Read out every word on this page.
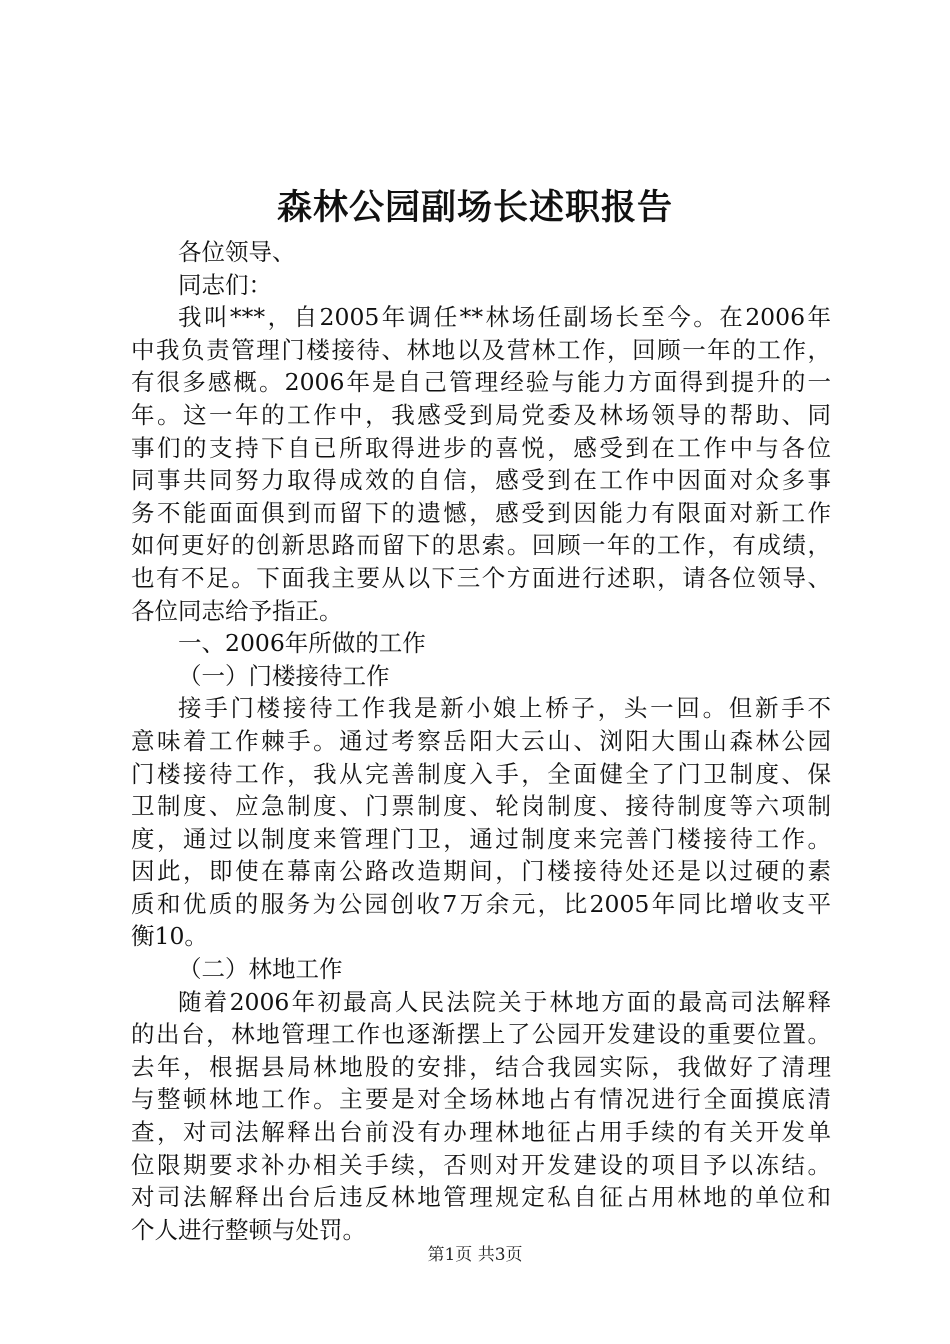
森林公园副场长述职报告
各位领导、
同志们：
我叫***，自2005年调任**林场任副场长至今。在2006年
中我负责管理门楼接待、林地以及营林工作，回顾一年的工作，
有很多感概。2006年是自己管理经验与能力方面得到提升的一
年。这一年的工作中，我感受到局党委及林场领导的帮助、同
事们的支持下自已所取得进步的喜悦，感受到在工作中与各位
同事共同努力取得成效的自信，感受到在工作中因面对众多事
务不能面面俱到而留下的遗憾，感受到因能力有限面对新工作
如何更好的创新思路而留下的思索。回顾一年的工作，有成绩，
也有不足。下面我主要从以下三个方面进行述职，请各位领导、
各位同志给予指正。
一、2006年所做的工作
（一）门楼接待工作
接手门楼接待工作我是新小娘上桥子，头一回。但新手不
意味着工作棘手。通过考察岳阳大云山、浏阳大围山森林公园
门楼接待工作，我从完善制度入手，全面健全了门卫制度、保
卫制度、应急制度、门票制度、轮岗制度、接待制度等六项制
度，通过以制度来管理门卫，通过制度来完善门楼接待工作。
因此，即使在幕南公路改造期间，门楼接待处还是以过硬的素
质和优质的服务为公园创收7万余元，比2005年同比增收支平
衡10。
（二）林地工作
随着2006年初最高人民法院关于林地方面的最高司法解释
的出台，林地管理工作也逐渐摆上了公园开发建设的重要位置。
去年，根据县局林地股的安排，结合我园实际，我做好了清理
与整顿林地工作。主要是对全场林地占有情况进行全面摸底清
查，对司法解释出台前没有办理林地征占用手续的有关开发单
位限期要求补办相关手续，否则对开发建设的项目予以冻结。
对司法解释出台后违反林地管理规定私自征占用林地的单位和
个人进行整顿与处罚。
第1页 共3页
